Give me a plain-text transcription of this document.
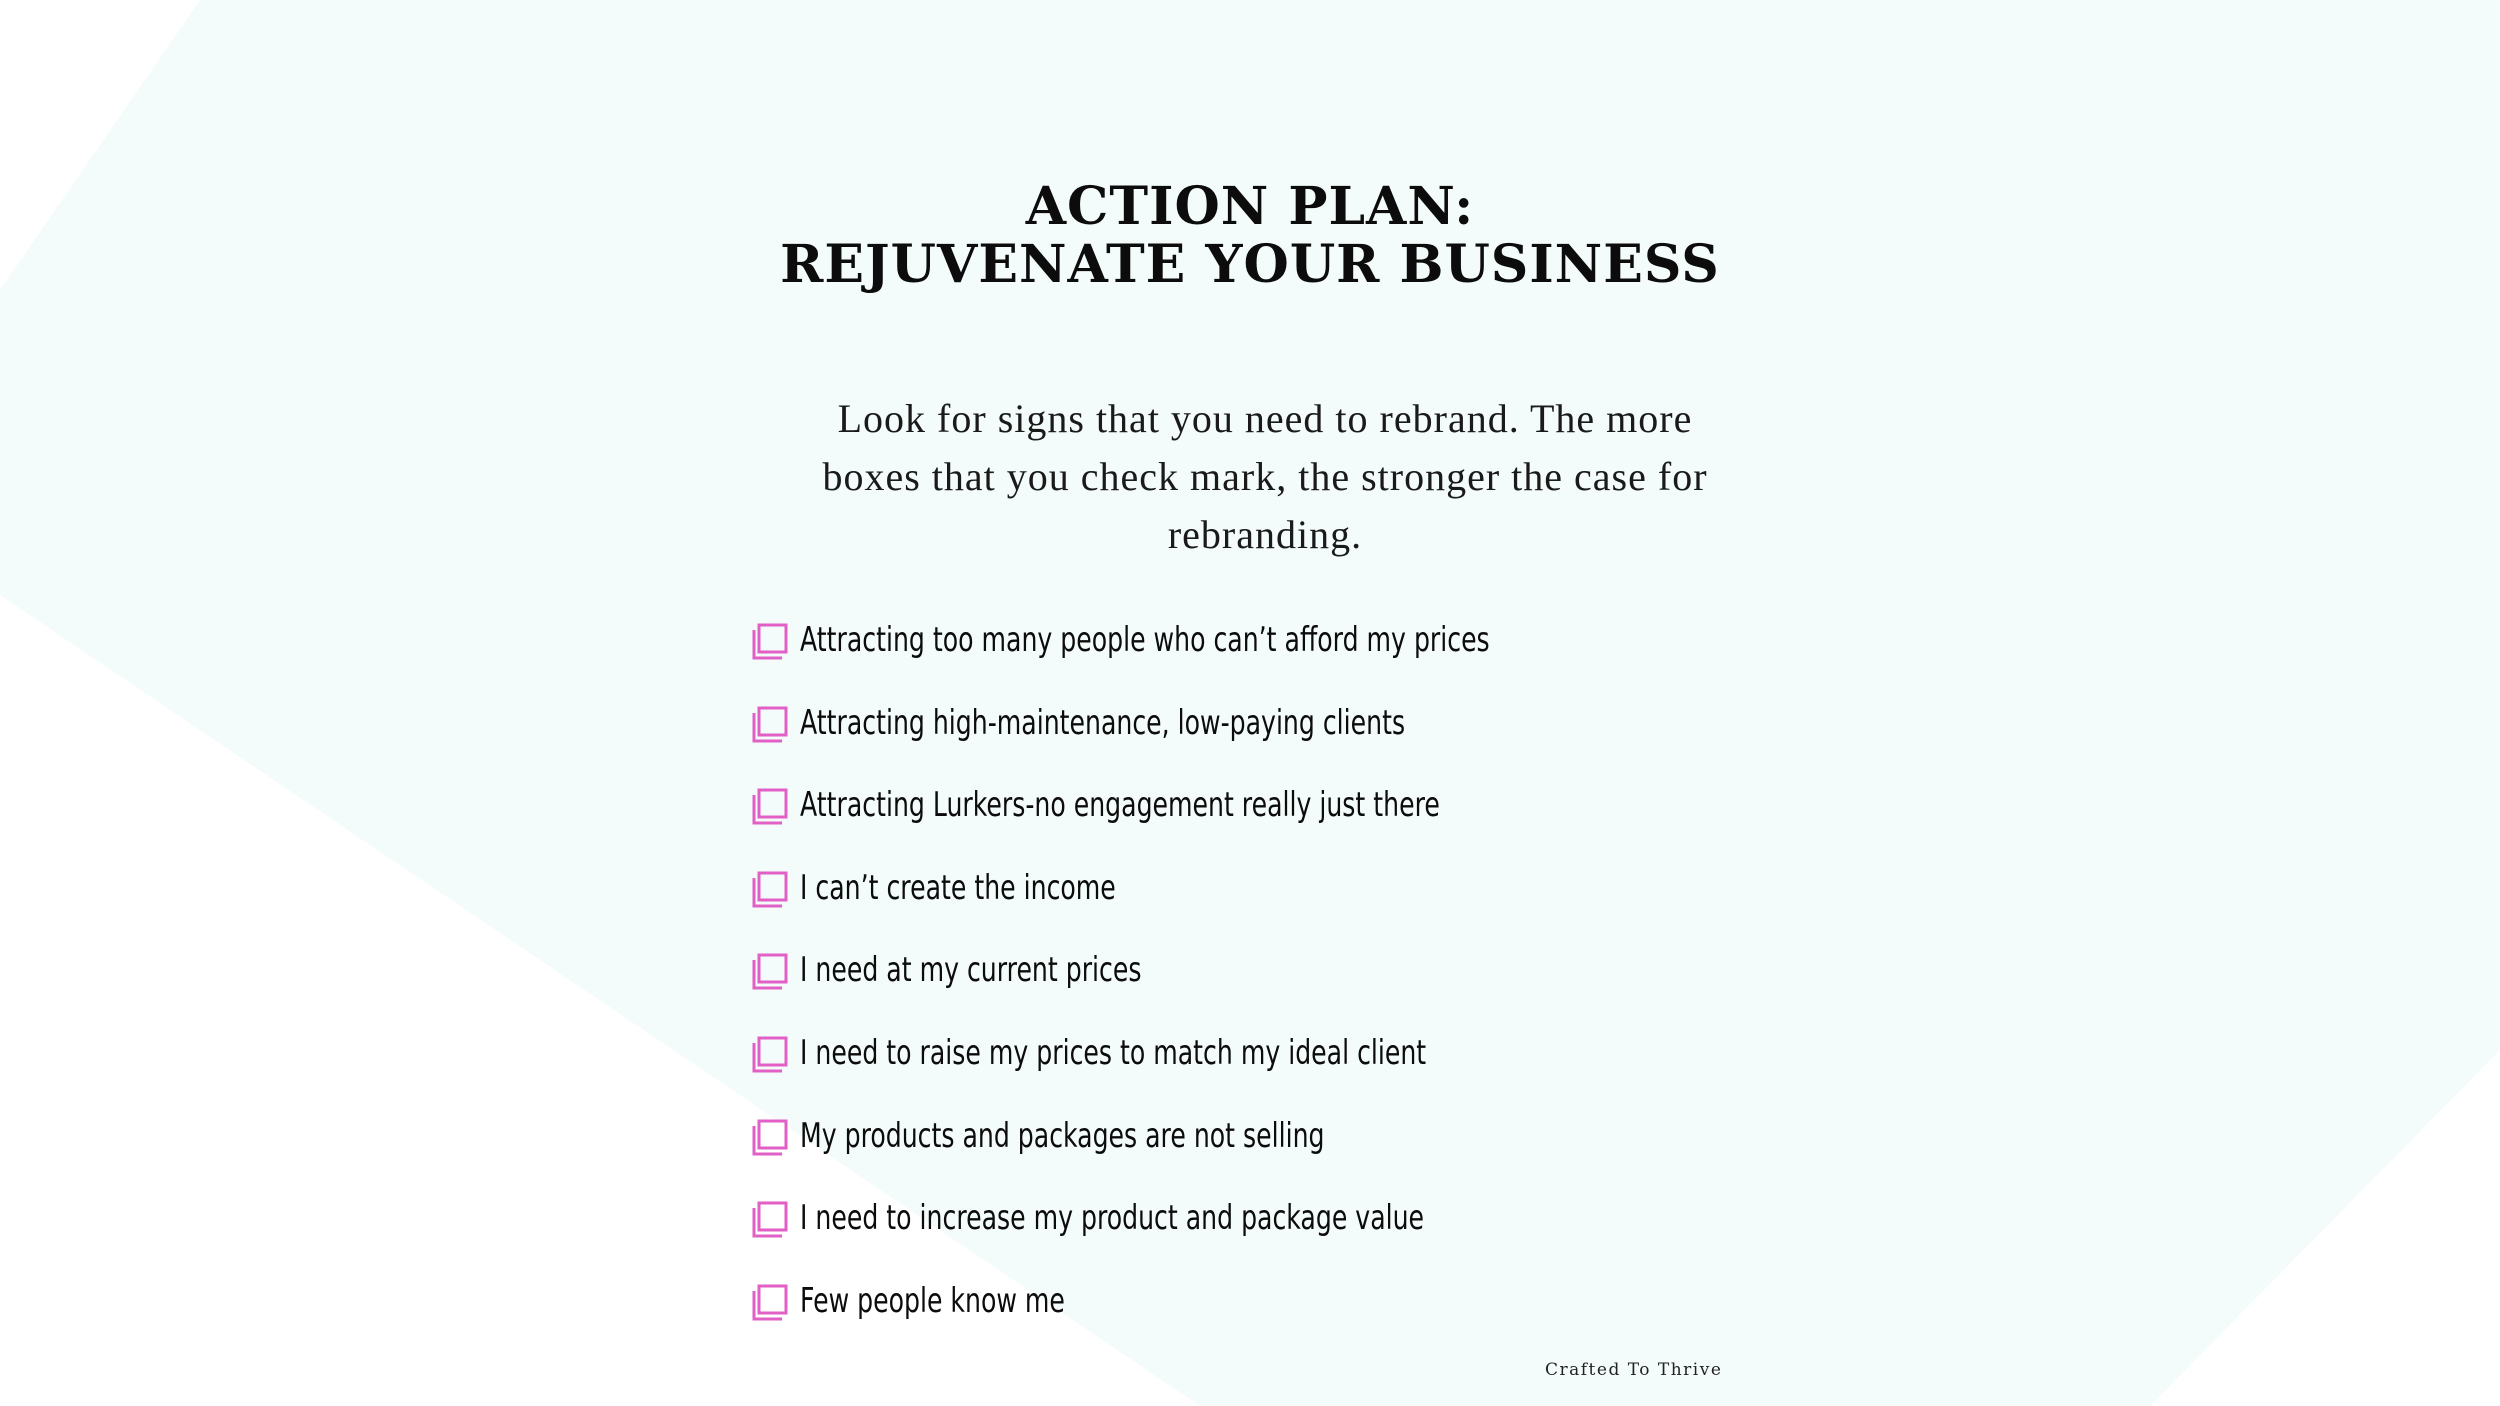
ACTION PLAN:
REJUVENATE YOUR BUSINESS
Look for signs that you need to rebrand. The more boxes that you check mark, the stronger the case for rebranding.
Attracting too many people who can’t afford my prices
Attracting high-maintenance, low-paying clients
Attracting Lurkers-no engagement really just there
I can’t create the income
I need at my current prices
I need to raise my prices to match my ideal client
My products and packages are not selling
I need to increase my product and package value
Few people know me
Crafted To Thrive
